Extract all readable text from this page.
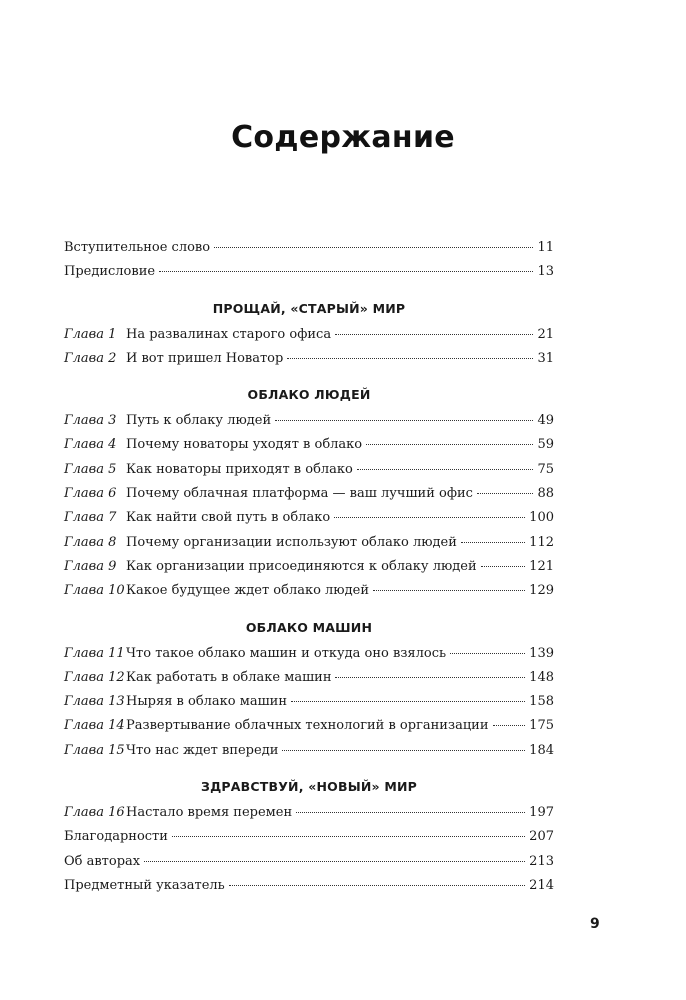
Содержание
Вступительное слово	11
Предисловие	13
ПРОЩАЙ, «СТАРЫЙ» МИР
Глава 1 На развалинах старого офиса	21
Глава 2 И вот пришел Новатор	31
ОБЛАКО ЛЮДЕЙ
Глава 3 Путь к облаку людей	49
Глава 4 Почему новаторы уходят в облако	59
Глава 5 Как новаторы приходят в облако	75
Глава 6 Почему облачная платформа — ваш лучший офис	88
Глава 7 Как найти свой путь в облако	100
Глава 8 Почему организации используют облако людей	112
Глава 9 Как организации присоединяются к облаку людей	121
Глава 10 Какое будущее ждет облако людей	129
ОБЛАКО МАШИН
Глава 11 Что такое облако машин и откуда оно взялось	139
Глава 12 Как работать в облаке машин	148
Глава 13 Ныряя в облако машин	158
Глава 14 Развертывание облачных технологий в организации	175
Глава 15 Что нас ждет впереди	184
ЗДРАВСТВУЙ, «НОВЫЙ» МИР
Глава 16 Настало время перемен	197
Благодарности	207
Об авторах	213
Предметный указатель	214
9
